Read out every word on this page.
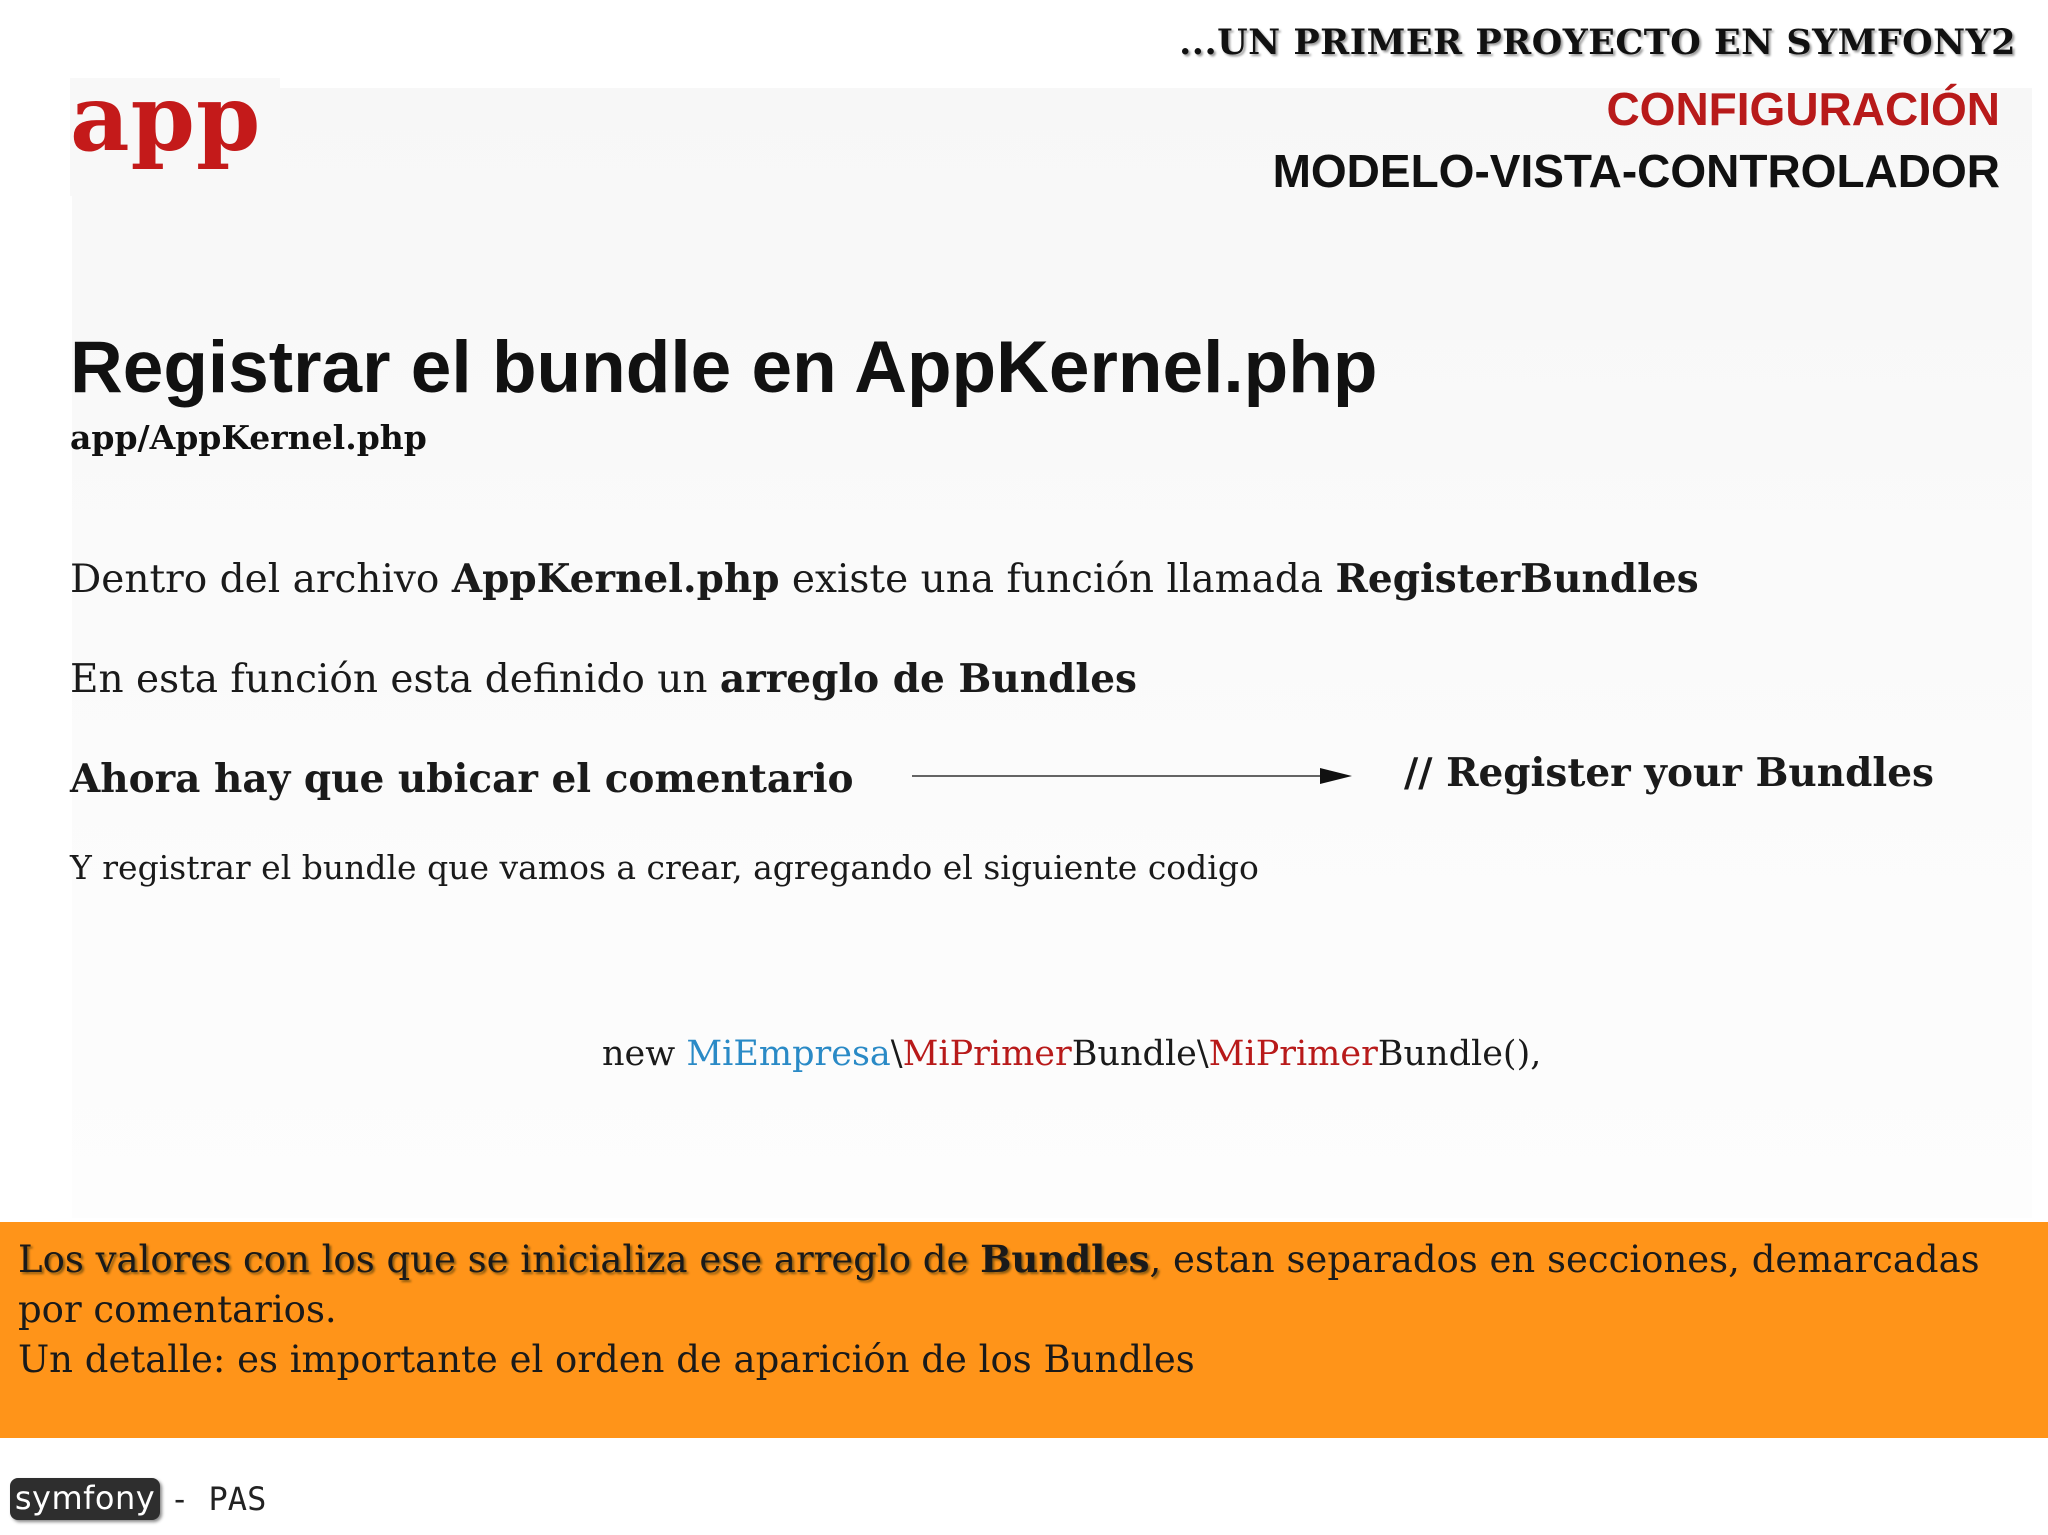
app
...UN PRIMER PROYECTO EN SYMFONY2
CONFIGURACIÓN
MODELO-VISTA-CONTROLADOR
Registrar el bundle en AppKernel.php
app/AppKernel.php
Dentro del archivo AppKernel.php existe una función llamada RegisterBundles
En esta función esta definido un arreglo de Bundles
Ahora hay que ubicar el comentario	// Register your Bundles
Y registrar el bundle que vamos a crear, agregando el siguiente codigo
new MiEmpresa\MiPrimerBundle\MiPrimerBundle(),
Los valores con los que se inicializa ese arreglo de Bundles, estan separados en secciones, demarcadas por comentarios.
Un detalle: es importante el orden de aparición de los Bundles
symfony - PAS
